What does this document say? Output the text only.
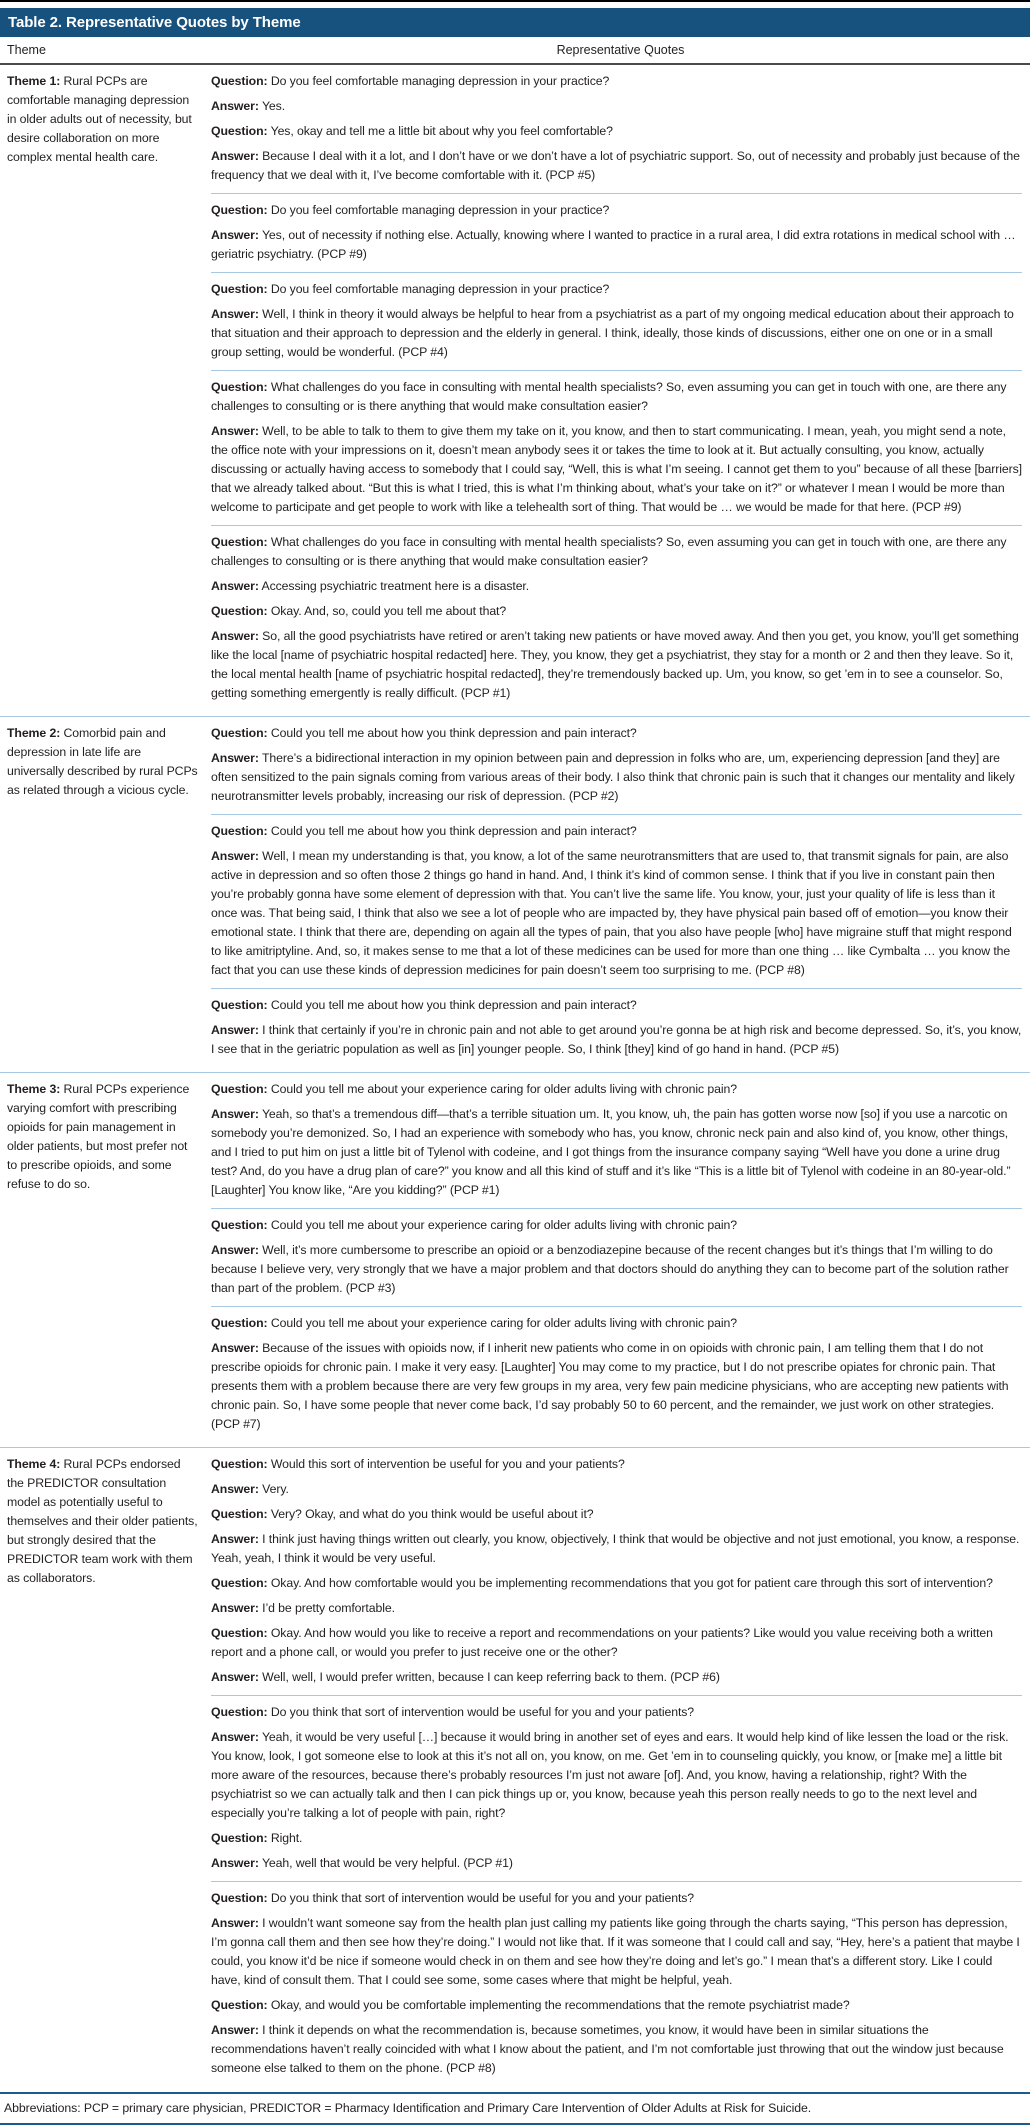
Table 2. Representative Quotes by Theme
Theme	Representative Quotes

Theme 1: Rural PCPs are comfortable managing depression in older adults out of necessity, but desire collaboration on more complex mental health care.

Question: Do you feel comfortable managing depression in your practice?

Answer: Yes.

Question: Yes, okay and tell me a little bit about why you feel comfortable?

Answer: Because I deal with it a lot, and I don’t have or we don’t have a lot of psychiatric support. So, out of necessity and probably just because of the frequency that we deal with it, I’ve become comfortable with it. (PCP #5)

Question: Do you feel comfortable managing depression in your practice?

Answer: Yes, out of necessity if nothing else. Actually, knowing where I wanted to practice in a rural area, I did extra rotations in medical school with … geriatric psychiatry. (PCP #9)

Question: Do you feel comfortable managing depression in your practice?

Answer: Well, I think in theory it would always be helpful to hear from a psychiatrist as a part of my ongoing medical education about their approach to that situation and their approach to depression and the elderly in general. I think, ideally, those kinds of discussions, either one on one or in a small group setting, would be wonderful. (PCP #4)

Question: What challenges do you face in consulting with mental health specialists? So, even assuming you can get in touch with one, are there any challenges to consulting or is there anything that would make consultation easier?

Answer: Well, to be able to talk to them to give them my take on it, you know, and then to start communicating. I mean, yeah, you might send a note, the office note with your impressions on it, doesn’t mean anybody sees it or takes the time to look at it. But actually consulting, you know, actually discussing or actually having access to somebody that I could say, “Well, this is what I’m seeing. I cannot get them to you” because of all these [barriers] that we already talked about. “But this is what I tried, this is what I’m thinking about, what’s your take on it?” or whatever I mean I would be more than welcome to participate and get people to work with like a telehealth sort of thing. That would be … we would be made for that here. (PCP #9)

Question: What challenges do you face in consulting with mental health specialists? So, even assuming you can get in touch with one, are there any challenges to consulting or is there anything that would make consultation easier?

Answer: Accessing psychiatric treatment here is a disaster.

Question: Okay. And, so, could you tell me about that?

Answer: So, all the good psychiatrists have retired or aren’t taking new patients or have moved away. And then you get, you know, you’ll get something like the local [name of psychiatric hospital redacted] here. They, you know, they get a psychiatrist, they stay for a month or 2 and then they leave. So it, the local mental health [name of psychiatric hospital redacted], they’re tremendously backed up. Um, you know, so get ’em in to see a counselor. So, getting something emergently is really difficult. (PCP #1)

Theme 2: Comorbid pain and depression in late life are universally described by rural PCPs as related through a vicious cycle.

Question: Could you tell me about how you think depression and pain interact?

Answer: There’s a bidirectional interaction in my opinion between pain and depression in folks who are, um, experiencing depression [and they] are often sensitized to the pain signals coming from various areas of their body. I also think that chronic pain is such that it changes our mentality and likely neurotransmitter levels probably, increasing our risk of depression. (PCP #2)

Question: Could you tell me about how you think depression and pain interact?

Answer: Well, I mean my understanding is that, you know, a lot of the same neurotransmitters that are used to, that transmit signals for pain, are also active in depression and so often those 2 things go hand in hand. And, I think it’s kind of common sense. I think that if you live in constant pain then you’re probably gonna have some element of depression with that. You can’t live the same life. You know, your, just your quality of life is less than it once was. That being said, I think that also we see a lot of people who are impacted by, they have physical pain based off of emotion—you know their emotional state. I think that there are, depending on again all the types of pain, that you also have people [who] have migraine stuff that might respond to like amitriptyline. And, so, it makes sense to me that a lot of these medicines can be used for more than one thing … like Cymbalta … you know the fact that you can use these kinds of depression medicines for pain doesn’t seem too surprising to me. (PCP #8)

Question: Could you tell me about how you think depression and pain interact?

Answer: I think that certainly if you’re in chronic pain and not able to get around you’re gonna be at high risk and become depressed. So, it’s, you know, I see that in the geriatric population as well as [in] younger people. So, I think [they] kind of go hand in hand. (PCP #5)

Theme 3: Rural PCPs experience varying comfort with prescribing opioids for pain management in older patients, but most prefer not to prescribe opioids, and some refuse to do so.

Question: Could you tell me about your experience caring for older adults living with chronic pain?

Answer: Yeah, so that’s a tremendous diff—that’s a terrible situation um. It, you know, uh, the pain has gotten worse now [so] if you use a narcotic on somebody you’re demonized. So, I had an experience with somebody who has, you know, chronic neck pain and also kind of, you know, other things, and I tried to put him on just a little bit of Tylenol with codeine, and I got things from the insurance company saying “Well have you done a urine drug test? And, do you have a drug plan of care?” you know and all this kind of stuff and it’s like “This is a little bit of Tylenol with codeine in an 80-year-old.” [Laughter] You know like, “Are you kidding?” (PCP #1)

Question: Could you tell me about your experience caring for older adults living with chronic pain?

Answer: Well, it’s more cumbersome to prescribe an opioid or a benzodiazepine because of the recent changes but it’s things that I’m willing to do because I believe very, very strongly that we have a major problem and that doctors should do anything they can to become part of the solution rather than part of the problem. (PCP #3)

Question: Could you tell me about your experience caring for older adults living with chronic pain?

Answer: Because of the issues with opioids now, if I inherit new patients who come in on opioids with chronic pain, I am telling them that I do not prescribe opioids for chronic pain. I make it very easy. [Laughter] You may come to my practice, but I do not prescribe opiates for chronic pain. That presents them with a problem because there are very few groups in my area, very few pain medicine physicians, who are accepting new patients with chronic pain. So, I have some people that never come back, I’d say probably 50 to 60 percent, and the remainder, we just work on other strategies. (PCP #7)

Theme 4: Rural PCPs endorsed the PREDICTOR consultation model as potentially useful to themselves and their older patients, but strongly desired that the PREDICTOR team work with them as collaborators.

Question: Would this sort of intervention be useful for you and your patients?

Answer: Very.

Question: Very? Okay, and what do you think would be useful about it?

Answer: I think just having things written out clearly, you know, objectively, I think that would be objective and not just emotional, you know, a response. Yeah, yeah, I think it would be very useful.

Question: Okay. And how comfortable would you be implementing recommendations that you got for patient care through this sort of intervention?

Answer: I’d be pretty comfortable.

Question: Okay. And how would you like to receive a report and recommendations on your patients? Like would you value receiving both a written report and a phone call, or would you prefer to just receive one or the other?

Answer: Well, well, I would prefer written, because I can keep referring back to them. (PCP #6)

Question: Do you think that sort of intervention would be useful for you and your patients?

Answer: Yeah, it would be very useful […] because it would bring in another set of eyes and ears. It would help kind of like lessen the load or the risk. You know, look, I got someone else to look at this it’s not all on, you know, on me. Get ’em in to counseling quickly, you know, or [make me] a little bit more aware of the resources, because there’s probably resources I’m just not aware [of]. And, you know, having a relationship, right? With the psychiatrist so we can actually talk and then I can pick things up or, you know, because yeah this person really needs to go to the next level and especially you’re talking a lot of people with pain, right?

Question: Right.

Answer: Yeah, well that would be very helpful. (PCP #1)

Question: Do you think that sort of intervention would be useful for you and your patients?

Answer: I wouldn’t want someone say from the health plan just calling my patients like going through the charts saying, “This person has depression, I’m gonna call them and then see how they’re doing.” I would not like that. If it was someone that I could call and say, “Hey, here’s a patient that maybe I could, you know it’d be nice if someone would check in on them and see how they’re doing and let’s go.” I mean that’s a different story. Like I could have, kind of consult them. That I could see some, some cases where that might be helpful, yeah.

Question: Okay, and would you be comfortable implementing the recommendations that the remote psychiatrist made?

Answer: I think it depends on what the recommendation is, because sometimes, you know, it would have been in similar situations the recommendations haven’t really coincided with what I know about the patient, and I’m not comfortable just throwing that out the window just because someone else talked to them on the phone. (PCP #8)

Abbreviations: PCP = primary care physician, PREDICTOR = Pharmacy Identification and Primary Care Intervention of Older Adults at Risk for Suicide.
